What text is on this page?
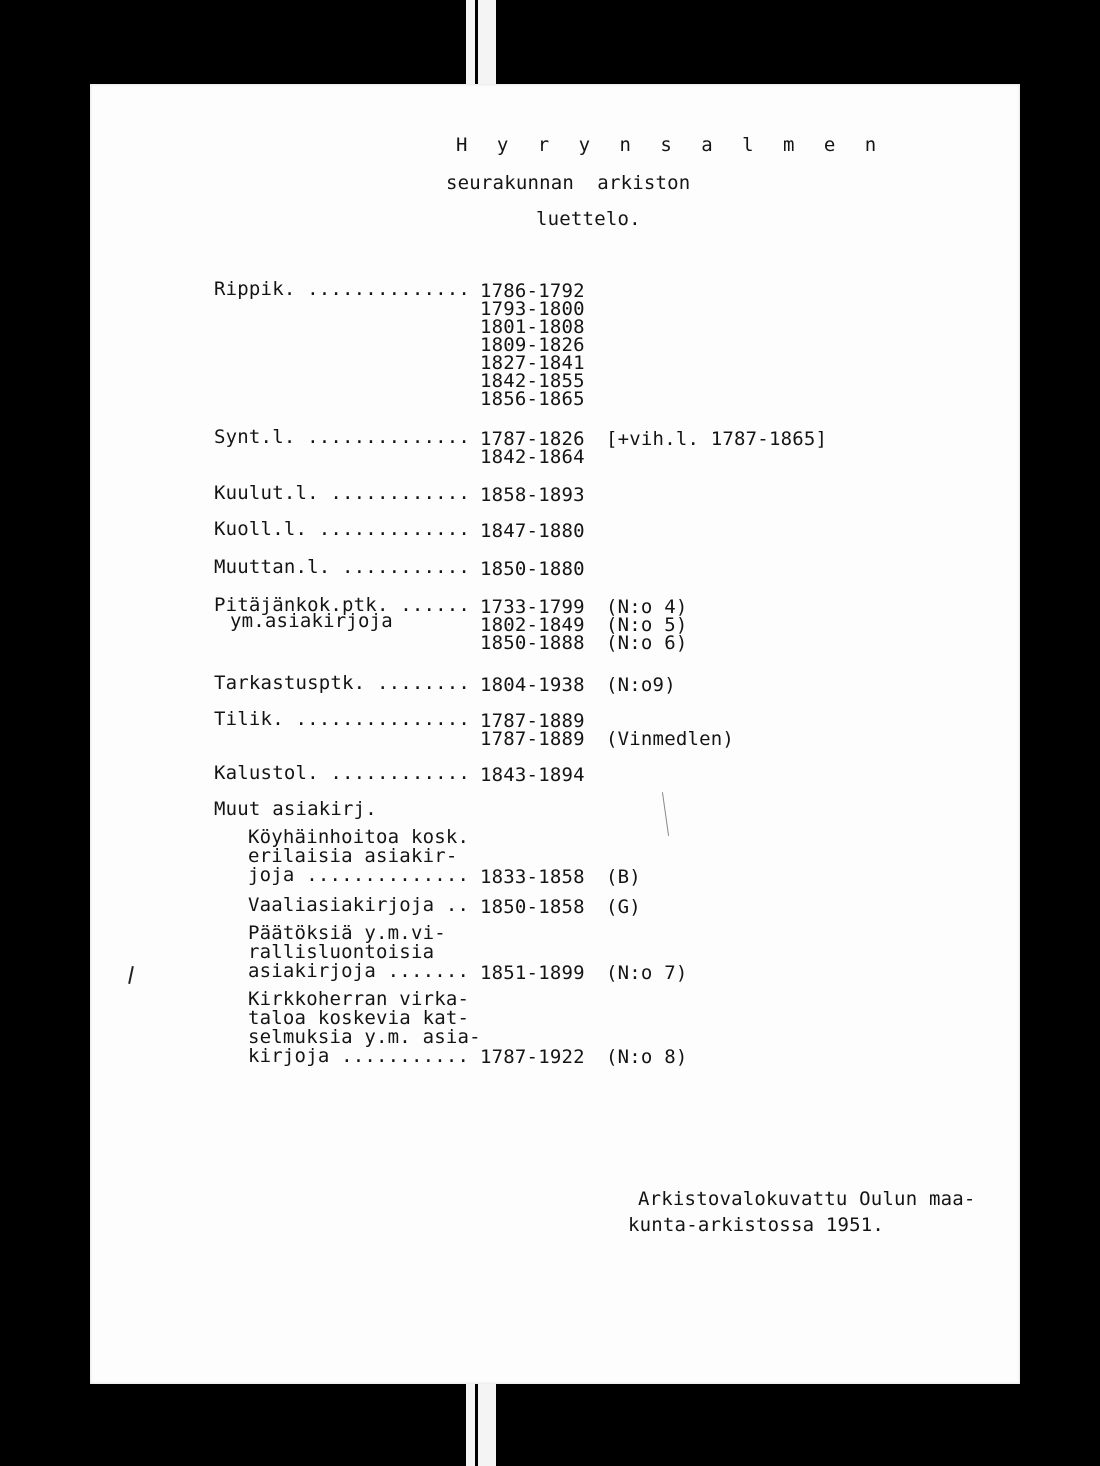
H y r y n s a l m e n
seurakunnan  arkiston
luettelo.
Rippik. .............. 1786-1792
1793-1800
1801-1808
1809-1826
1827-1841
1842-1855
1856-1865
Synt.l. .............. 1787-1826
1842-1864
[+vih.l. 1787-1865]
Kuulut.l. ............ 1858-1893
Kuoll.l. ............. 1847-1880
Muuttan.l. ........... 1850-1880
Pitäjänkok.ptk. ......
ym.asiakirjoja
1733-1799
1802-1849
1850-1888
(N:o 4)
(N:o 5)
(N:o 6)
Tarkastusptk. ........ 1804-1938 (N:o9)
Tilik. ............... 1787-1889
1787-1889 (Vinmedlen)
Kalustol. ............ 1843-1894
Muut asiakirj.
Köyhäinhoitoa kosk.
erilaisia asiakir-
joja .............. 1833-1858 (B)
Vaaliasiakirjoja .. 1850-1858 (G)
Päätöksiä y.m.vi-
rallisluontoisia
asiakirjoja ....... 1851-1899 (N:o 7)
Kirkkoherran virka-
taloa koskevia kat-
selmuksia y.m. asia-
kirjoja ........... 1787-1922 (N:o 8)
Arkistovalokuvattu Oulun maa-
kunta-arkistossa 1951.
